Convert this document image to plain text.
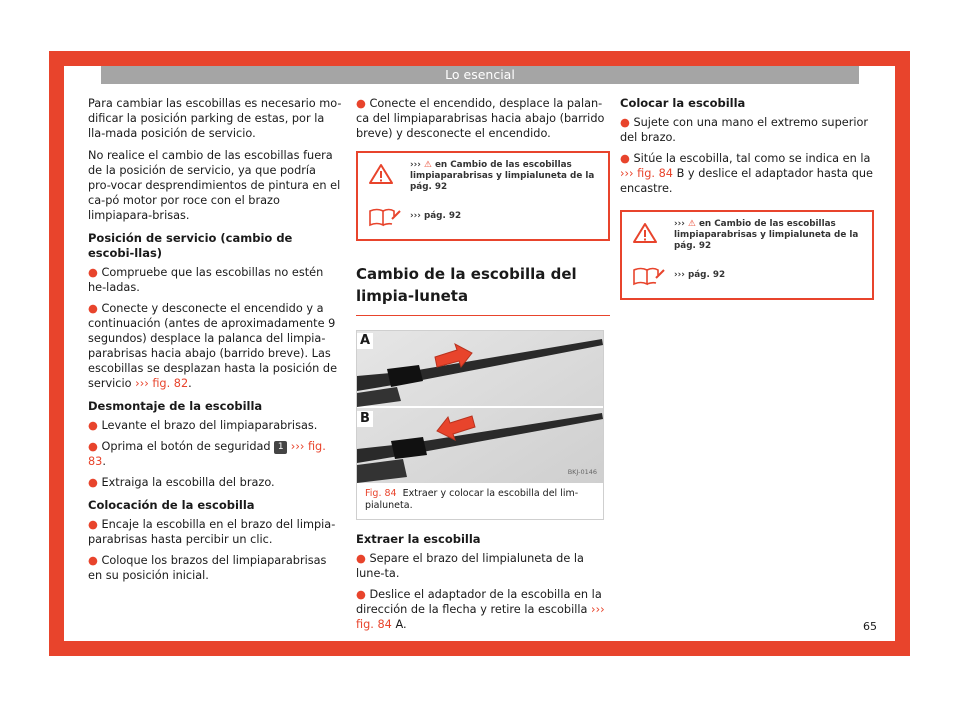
Lo esencial

Para cambiar las escobillas es necesario mo-dificar la posición parking de estas, por la lla-mada posición de servicio.

No realice el cambio de las escobillas fuera de la posición de servicio, ya que podría pro-vocar desprendimientos de pintura en el ca-pó motor por roce con el brazo limpiapara-brisas.

Posición de servicio (cambio de escobi-llas)
● Compruebe que las escobillas no estén he-ladas.
● Conecte y desconecte el encendido y a continuación (antes de aproximadamente 9 segundos) desplace la palanca del limpia-parabrisas hacia abajo (barrido breve). Las escobillas se desplazan hasta la posición de servicio ››› fig. 82.
Desmontaje de la escobilla
● Levante el brazo del limpiaparabrisas.
● Oprima el botón de seguridad 1 ››› fig. 83.
● Extraiga la escobilla del brazo.
Colocación de la escobilla
● Encaje la escobilla en el brazo del limpia-parabrisas hasta percibir un clic.
● Coloque los brazos del limpiaparabrisas en su posición inicial.
● Conecte el encendido, desplace la palan-ca del limpiaparabrisas hacia abajo (barrido breve) y desconecte el encendido.
››› ⚠ en Cambio de las escobillas limpiaparabrisas y limpialuneta de la pág. 92
››› pág. 92
Cambio de la escobilla del limpia-luneta
A
B
BKJ-0146
Fig. 84 Extraer y colocar la escobilla del lim-pialuneta.
Extraer la escobilla
● Separe el brazo del limpialuneta de la lune-ta.
● Deslice el adaptador de la escobilla en la dirección de la flecha y retire la escobilla ››› fig. 84 A.
Colocar la escobilla
● Sujete con una mano el extremo superior del brazo.
● Sitúe la escobilla, tal como se indica en la ››› fig. 84 B y deslice el adaptador hasta que encastre.
››› ⚠ en Cambio de las escobillas limpiaparabrisas y limpialuneta de la pág. 92
››› pág. 92
65
